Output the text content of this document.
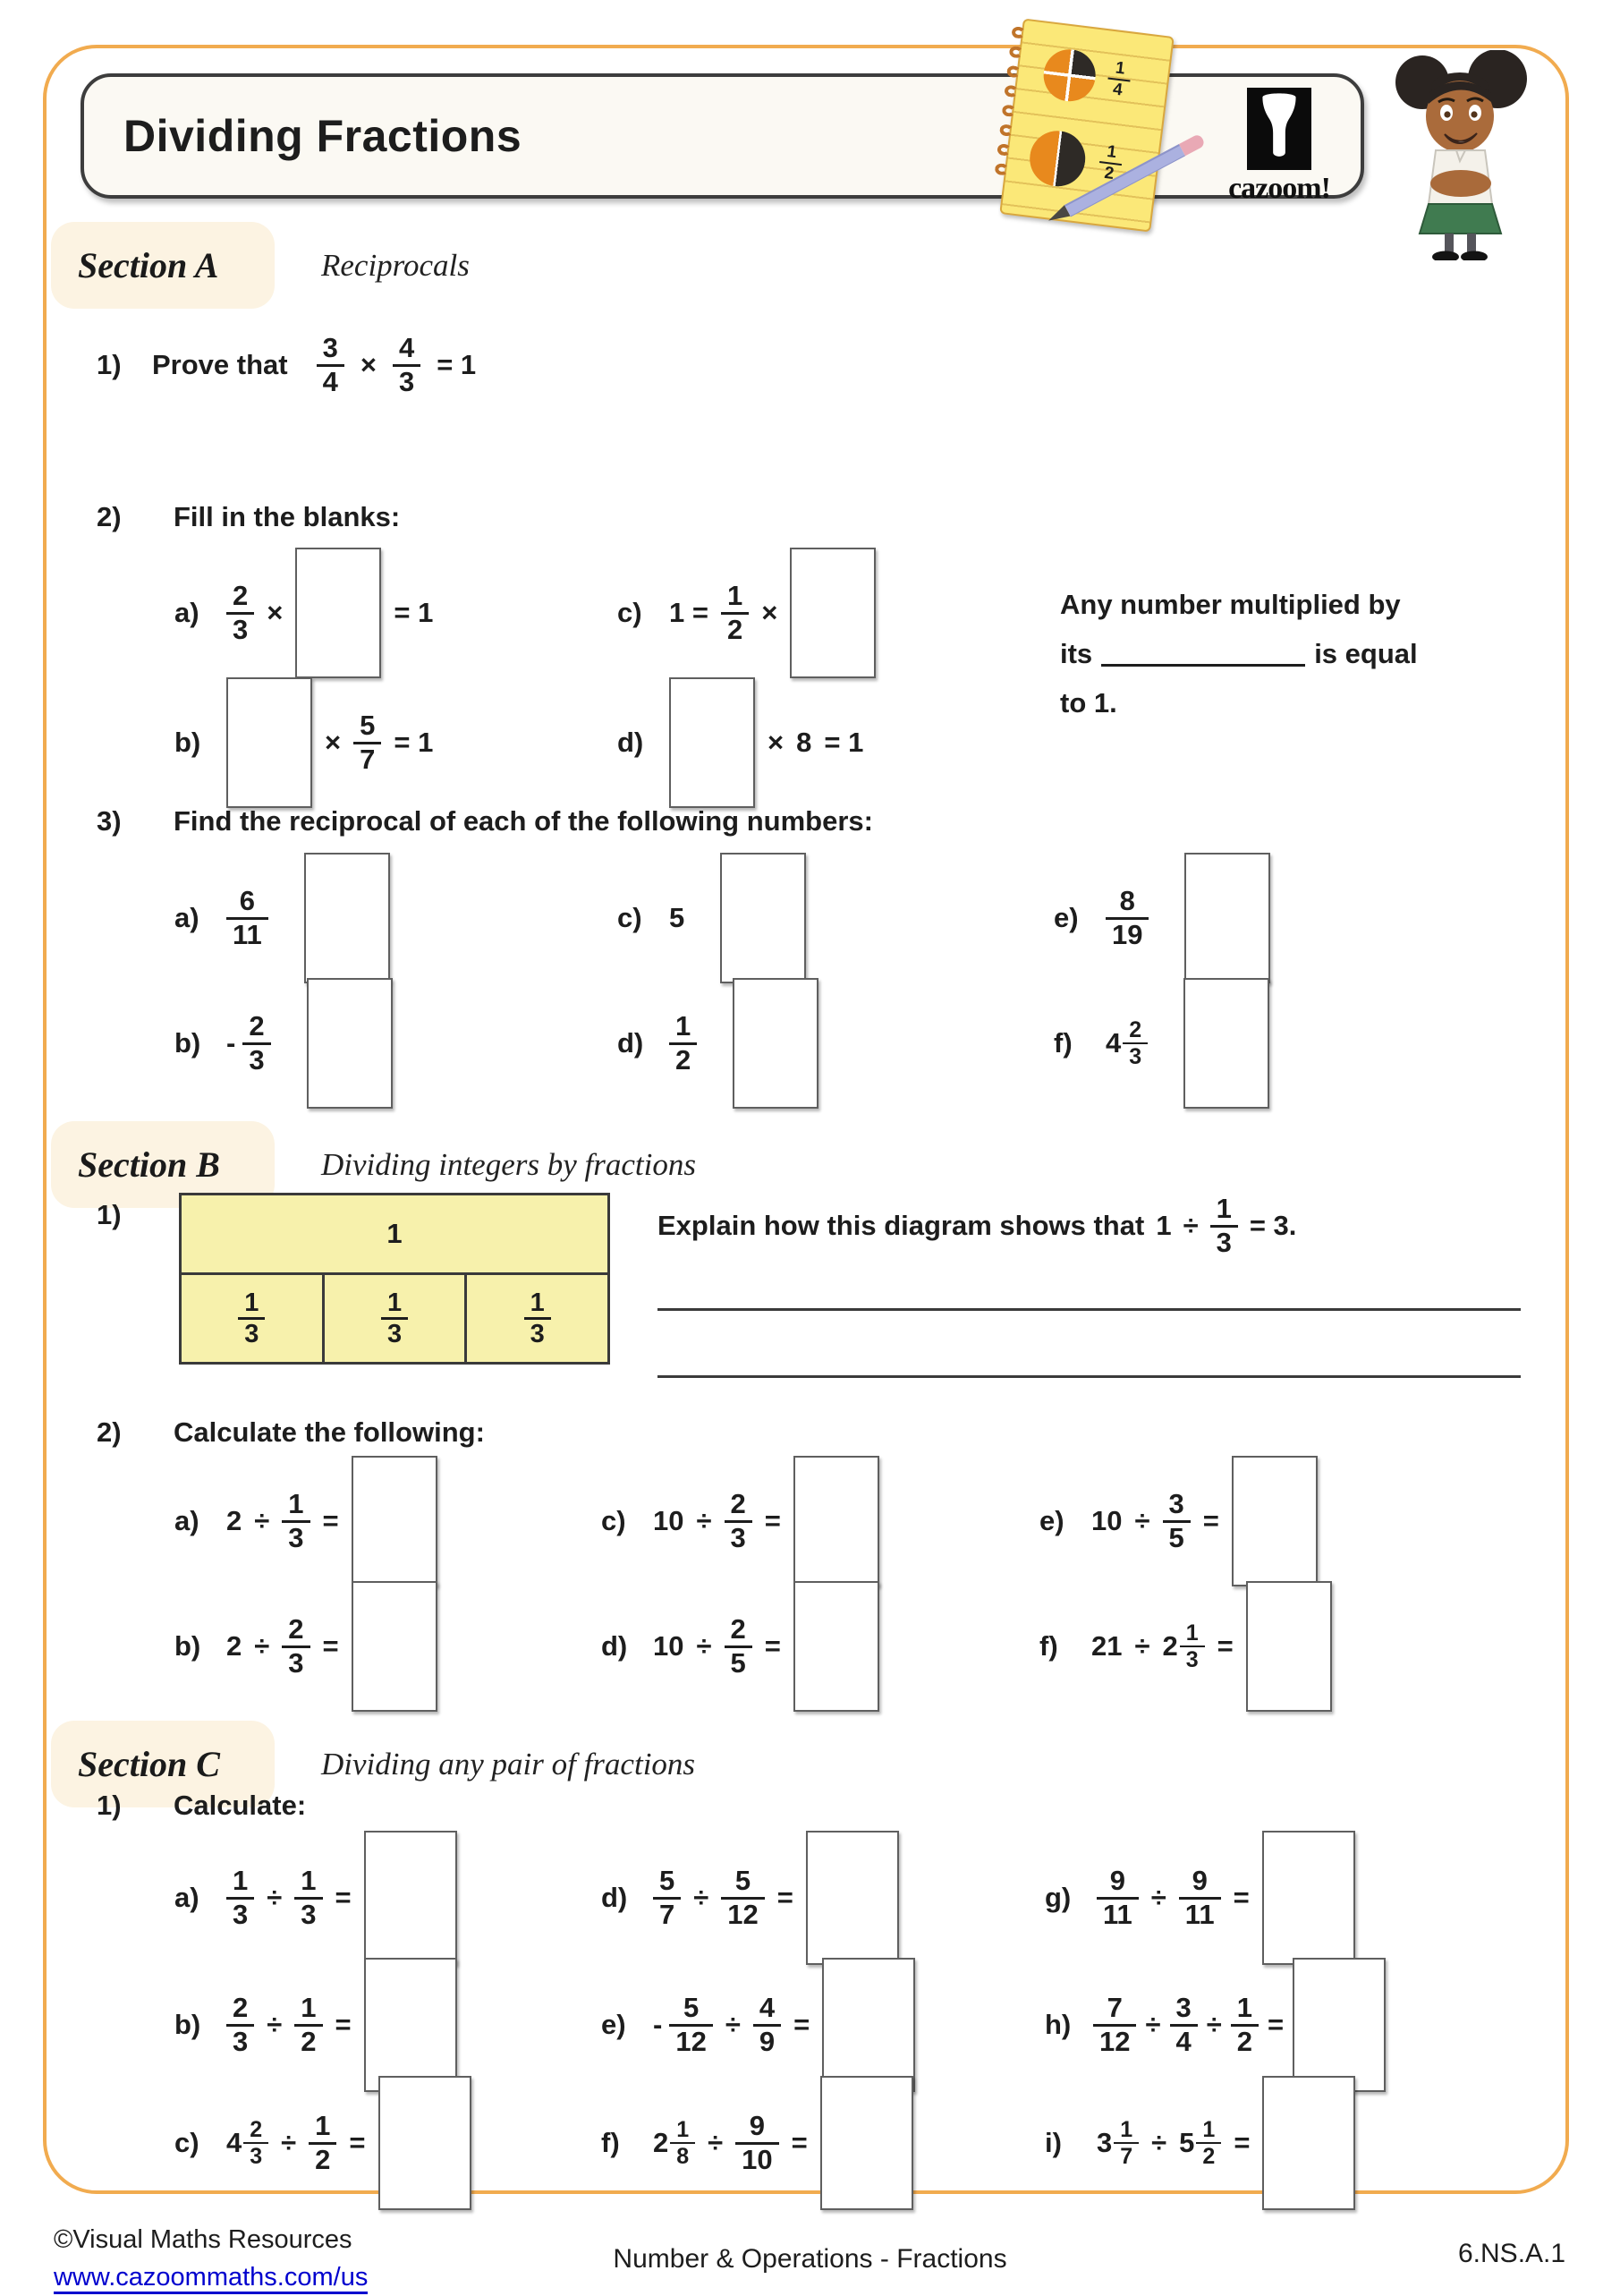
Dividing Fractions
$\frac{1}{4}$
$\frac{1}{2}$
cazoom!
Section A	Reciprocals
1)	Prove that $\frac{3}{4} \times \frac{4}{3} = 1$
2)	Fill in the blanks:
$a) \frac{2}{3}$ ×	= 1	c) $1 = \frac{1}{2}$ ×
b)	× $\frac{5}{7} = 1$	d)	× 8 = 1
Any number multiplied by
its	is equal
to 1.
3)	Find the reciprocal of each of the following numbers:
$a) \frac{6}{11}$	c) 5	$e) \frac{8}{19}$
$b) - \frac{2}{3}$	$d) \frac{1}{2}$	f)	$4 \frac{2}{3}$
Section B	Dividing integers by fractions
1)
1
$\frac{1}{3}$	$\frac{1}{3}$	$\frac{1}{3}$
Explain how this diagram shows that $1 \div \frac{1}{3} = 3$.
2)	Calculate the following:
a) $2 \div \frac{1}{3}$ =	c) $10 \div \frac{2}{3}$ =	e) $10 \div \frac{3}{5}$ =
b) $2 \div \frac{2}{3}$ =	d) $10 \div \frac{2}{5}$ =	f)	$21 \div 2 \frac{1}{3}$ =
Section C	Dividing any pair of fractions
1)	Calculate:
$a) \frac{1}{3} \div \frac{1}{3}$ =	$d) \frac{5}{7} \div \frac{5}{12}$ =	$g) \frac{9}{11} \div \frac{9}{11}$ =
$b) \frac{2}{3} \div \frac{1}{2}$ =	$e) - \frac{5}{12} \div \frac{4}{9}$ =	$h) \frac{7}{12} \div \frac{3}{4} \div \frac{1}{2}$ =
c) $4 \frac{2}{3} \div \frac{1}{2}$ =	f)	$2 \frac{1}{8} \div \frac{9}{10}$ =	i)	$3 \frac{1}{7} \div 5 \frac{1}{2}$ =
©Visual Maths Resources
www.cazoommaths.com/us
Number & Operations - Fractions	6.NS.A.1
